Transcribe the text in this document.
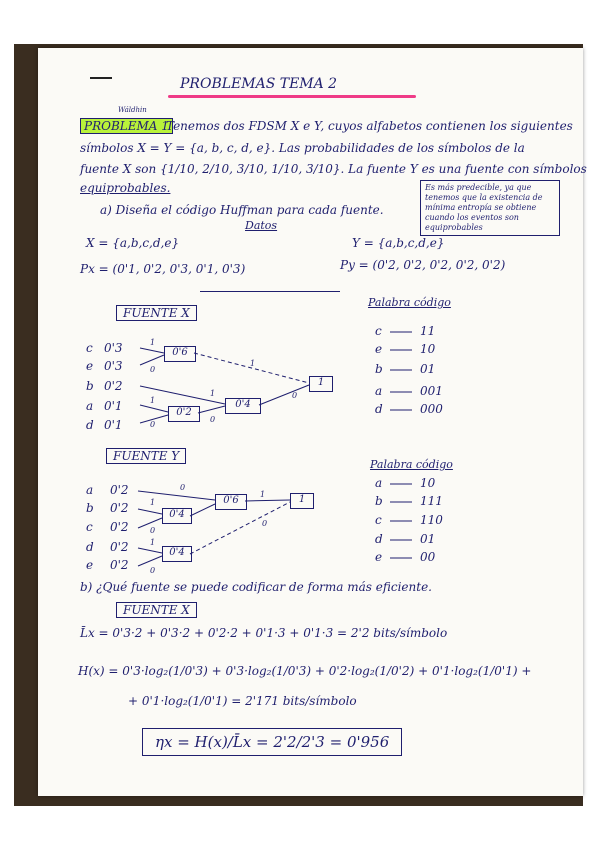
PROBLEMAS TEMA 2
Wáldhin
PROBLEMA 1
Tenemos dos FDSM X e Y, cuyos alfabetos contienen los siguientes
símbolos X = Y = {a, b, c, d, e}. Las probabilidades de los símbolos de la
fuente X son {1/10, 2/10, 3/10, 1/10, 3/10}. La fuente Y es una fuente con símbolos
equiprobables.	Es más predecible, ya que tenemos que la existencia de mínima entropía se obtiene cuando los eventos son equiprobables
a) Diseña el código Huffman para cada fuente.
Datos
X = {a,b,c,d,e}
Px = (0'1, 0'2, 0'3, 0'1, 0'3)
Y = {a,b,c,d,e}
Py = (0'2, 0'2, 0'2, 0'2, 0'2)
FUENTE X
c 0'3
e 0'3
b 0'2
a 0'1
d 0'1
0'6
0'2
0'4
1
1
0
1
0
1
0
1
0
1
0
0
1
1
0
0
Palabra código
c	11
e	10
b	01
a	001
d	000
FUENTE Y
a 0'2
b 0'2
c 0'2
d 0'2
e 0'2
0'4
0'4
0'6	1
Palabra código
a	10
b	111
c	110
d	01
e	00
b) ¿Qué fuente se puede codificar de forma más eficiente.
FUENTE X
L̄x = 0'3·2 + 0'3·2 + 0'2·2 + 0'1·3 + 0'1·3 = 2'2 bits/símbolo
H(x) = 0'3·log₂(1/0'3) + 0'3·log₂(1/0'3) + 0'2·log₂(1/0'2) + 0'1·log₂(1/0'1) +
+ 0'1·log₂(1/0'1) = 2'171 bits/símbolo
ηx = H(x)/L̄x = 2'2/2'3 = 0'956
